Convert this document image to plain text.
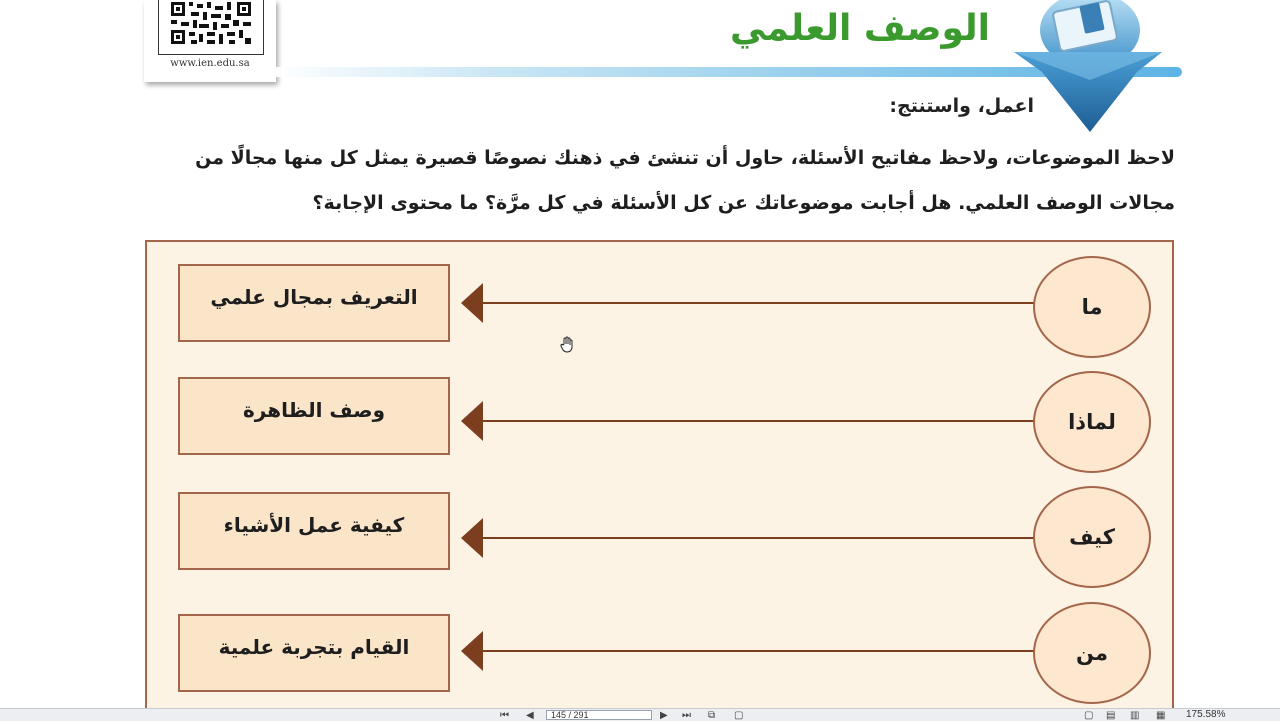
www.ien.edu.sa
الوصف العلمي
اعمل، واستنتج:
لاحظ الموضوعات، ولاحظ مفاتيح الأسئلة، حاول أن تنشئ في ذهنك نصوصًا قصيرة يمثل كل منها مجالًا من مجالات الوصف العلمي. هل أجابت موضوعاتك عن كل الأسئلة في كل مرَّة؟ ما محتوى الإجابة؟
التعريف بمجال علمي	ما
وصف الظاهرة	لماذا
كيفية عمل الأشياء	كيف
القيام بتجربة علمية	من
⏮ ◀	145 / 291	▶ ⏭ ⧉ ▢	▢ ▤ ▥ ▦ 175.58%
